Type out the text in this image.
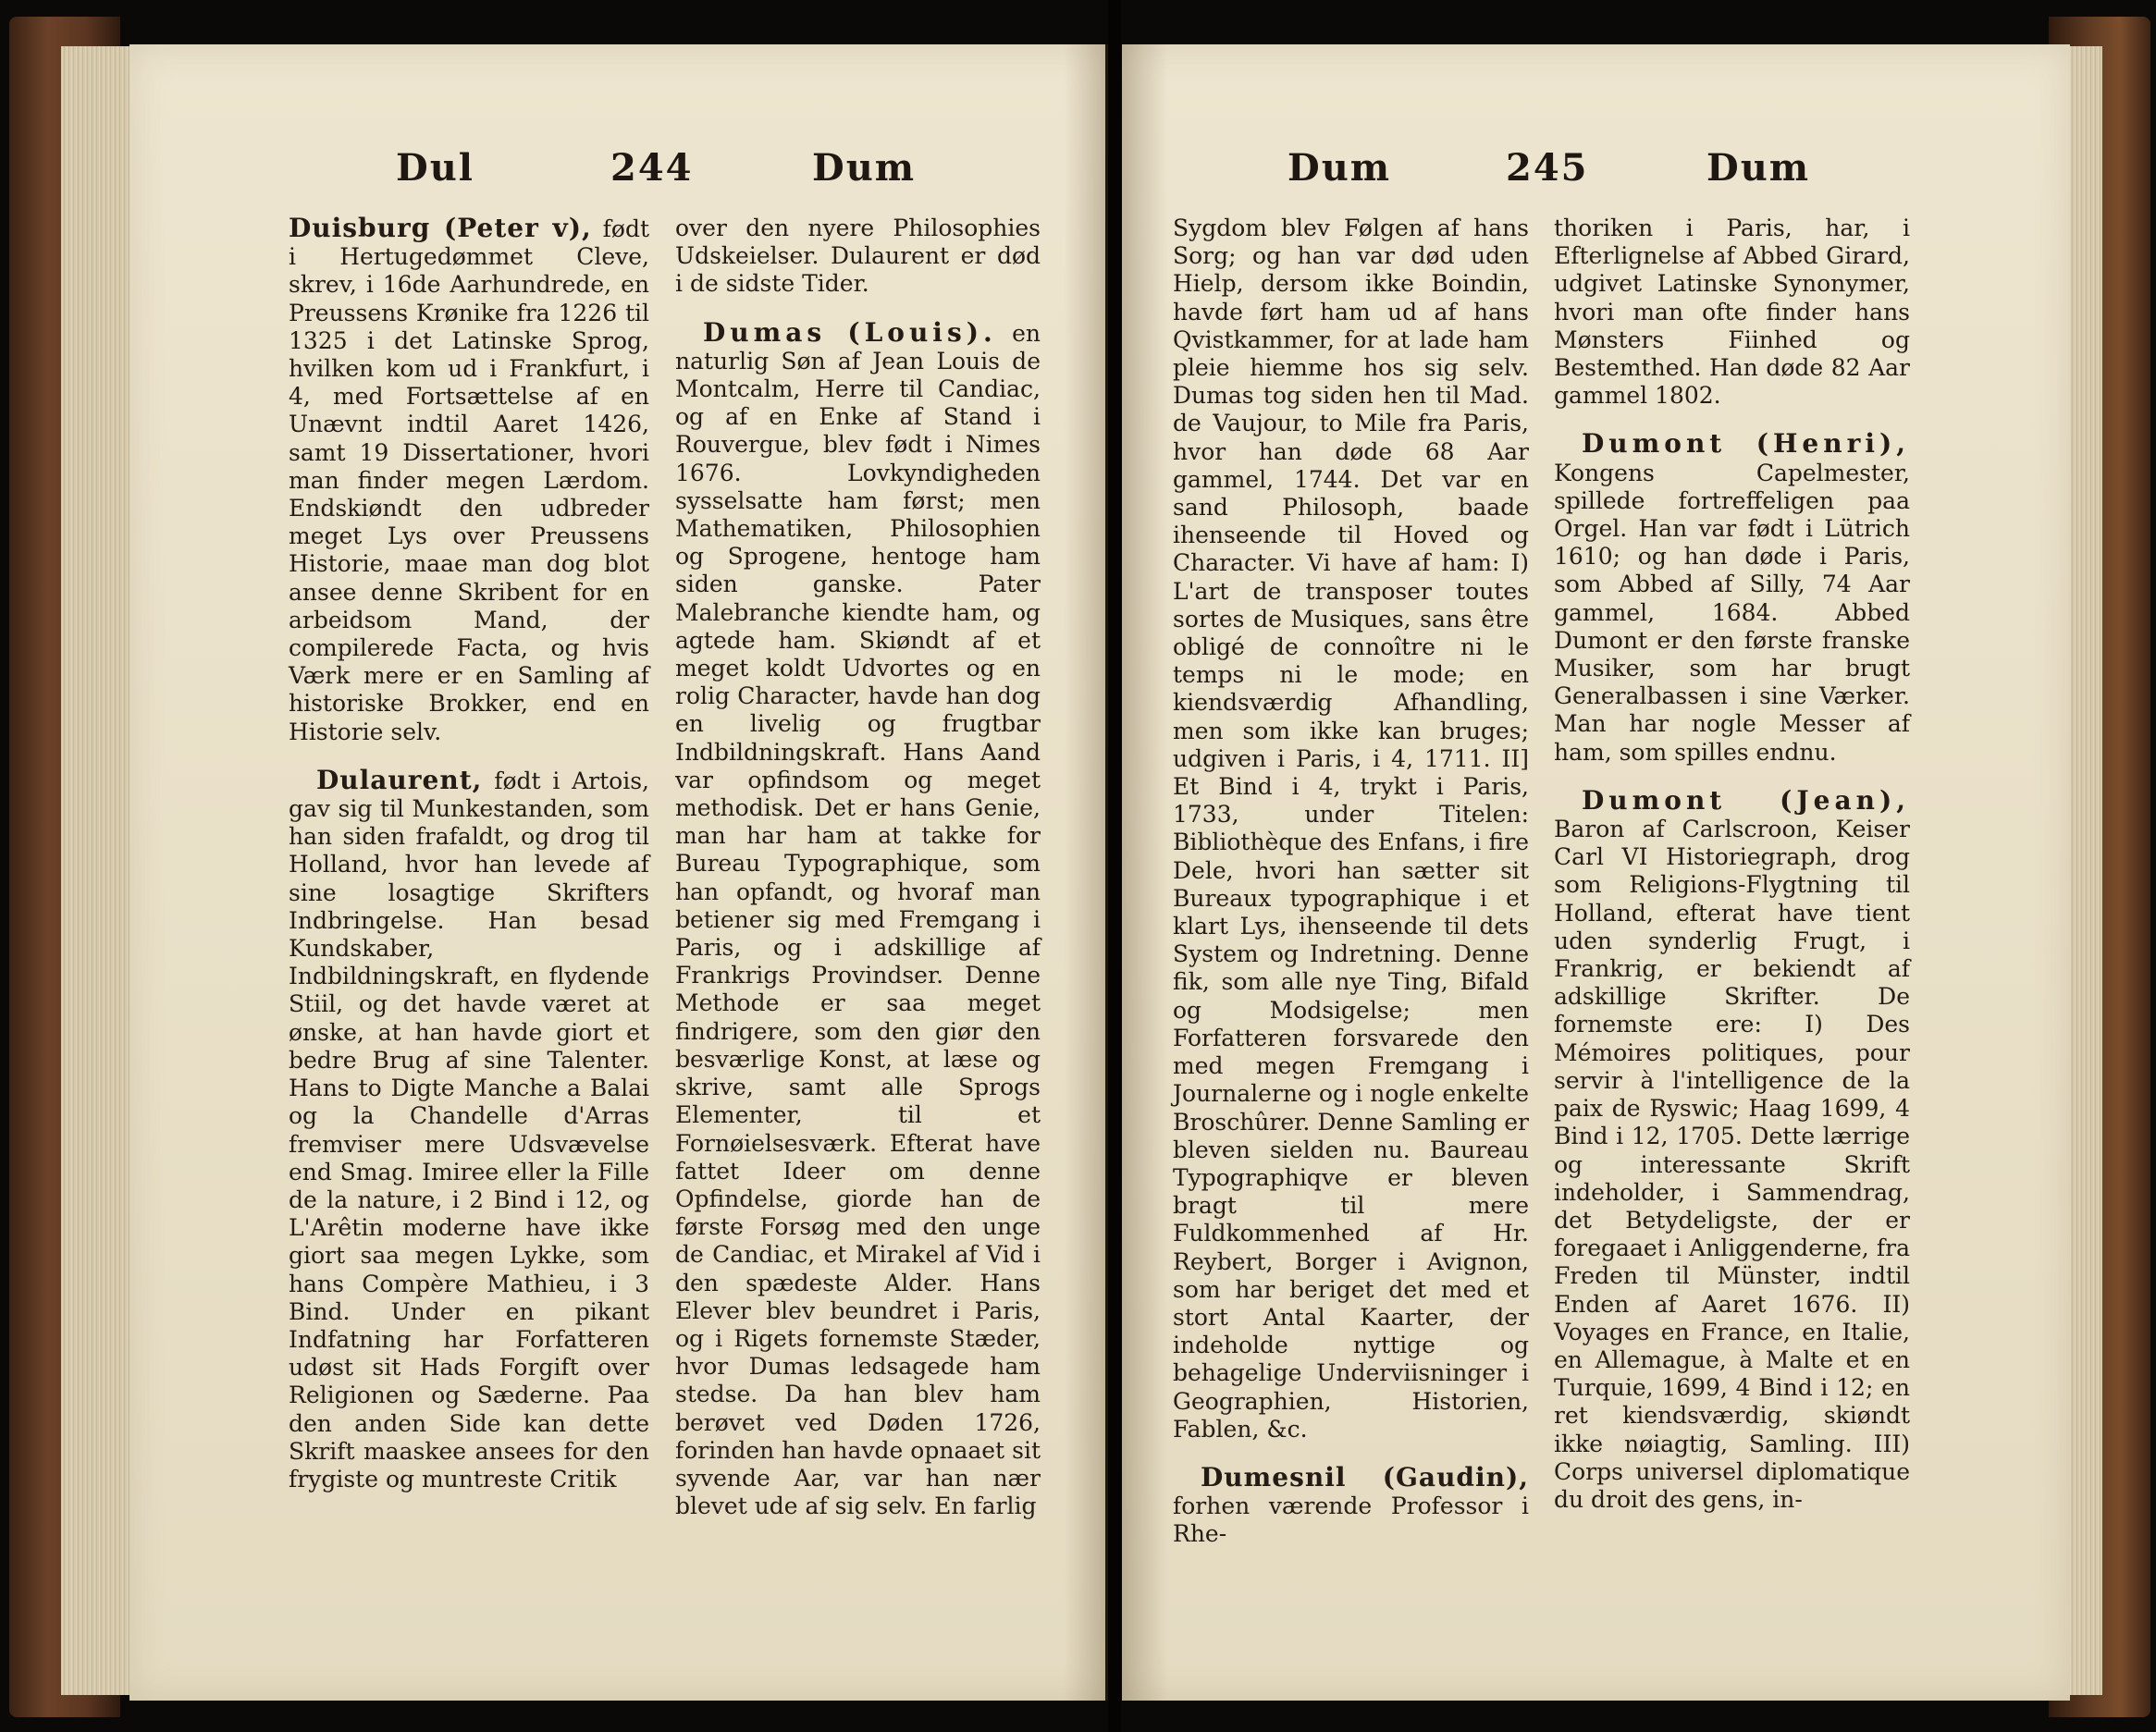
Dul	244	Dum	Dum	245	Dum

Duisburg (Peter v), født i Hertugedømmet Cleve, skrev, i 16de Aarhundrede, en Preussens Krønike fra 1226 til 1325 i det Latinske Sprog, hvilken kom ud i Frankfurt, i 4, med Fortsættelse af en Unævnt indtil Aaret 1426, samt 19 Dissertationer, hvori man finder megen Lærdom. Endskiøndt den udbreder meget Lys over Preussens Historie, maae man dog blot ansee denne Skribent for en arbeidsom Mand, der compilerede Facta, og hvis Værk mere er en Samling af historiske Brokker, end en Historie selv.

Dulaurent, født i Artois, gav sig til Munkestanden, som han siden frafaldt, og drog til Holland, hvor han levede af sine losagtige Skrifters Indbringelse. Han besad Kundskaber, Indbildningskraft, en flydende Stiil, og det havde været at ønske, at han havde giort et bedre Brug af sine Talenter. Hans to Digte Manche a Balai og la Chandelle d'Arras fremviser mere Udsvævelse end Smag. Imiree eller la Fille de la nature, i 2 Bind i 12, og L'Arêtin moderne have ikke giort saa megen Lykke, som hans Compère Mathieu, i 3 Bind. Under en pikant Indfatning har Forfatteren udøst sit Hads Forgift over Religionen og Sæderne. Paa den anden Side kan dette Skrift maaskee ansees for den frygiste og muntreste Critik

over den nyere Philosophies Udskeielser. Dulaurent er død i de sidste Tider.

Dumas (Louis). en naturlig Søn af Jean Louis de Montcalm, Herre til Candiac, og af en Enke af Stand i Rouvergue, blev født i Nimes 1676. Lovkyndigheden sysselsatte ham først; men Mathematiken, Philosophien og Sprogene, hentoge ham siden ganske. Pater Malebranche kiendte ham, og agtede ham. Skiøndt af et meget koldt Udvortes og en rolig Character, havde han dog en livelig og frugtbar Indbildningskraft. Hans Aand var opfindsom og meget methodisk. Det er hans Genie, man har ham at takke for Bureau Typographique, som han opfandt, og hvoraf man betiener sig med Fremgang i Paris, og i adskillige af Frankrigs Provindser. Denne Methode er saa meget findrigere, som den giør den besværlige Konst, at læse og skrive, samt alle Sprogs Elementer, til et Fornøielsesværk. Efterat have fattet Ideer om denne Opfindelse, giorde han de første Forsøg med den unge de Candiac, et Mirakel af Vid i den spædeste Alder. Hans Elever blev beundret i Paris, og i Rigets fornemste Stæder, hvor Dumas ledsagede ham stedse. Da han blev ham berøvet ved Døden 1726, forinden han havde opnaaet sit syvende Aar, var han nær blevet ude af sig selv. En farlig

Sygdom blev Følgen af hans Sorg; og han var død uden Hielp, dersom ikke Boindin, havde ført ham ud af hans Qvistkammer, for at lade ham pleie hiemme hos sig selv. Dumas tog siden hen til Mad. de Vaujour, to Mile fra Paris, hvor han døde 68 Aar gammel, 1744. Det var en sand Philosoph, baade ihenseende til Hoved og Character. Vi have af ham: I) L'art de transposer toutes sortes de Musiques, sans être obligé de connoître ni le temps ni le mode; en kiendsværdig Afhandling, men som ikke kan bruges; udgiven i Paris, i 4, 1711. II] Et Bind i 4, trykt i Paris, 1733, under Titelen: Bibliothèque des Enfans, i fire Dele, hvori han sætter sit Bureaux typographique i et klart Lys, ihenseende til dets System og Indretning. Denne fik, som alle nye Ting, Bifald og Modsigelse; men Forfatteren forsvarede den med megen Fremgang i Journalerne og i nogle enkelte Broschûrer. Denne Samling er bleven sielden nu. Baureau Typographiqve er bleven bragt til mere Fuldkommenhed af Hr. Reybert, Borger i Avignon, som har beriget det med et stort Antal Kaarter, der indeholde nyttige og behagelige Underviisninger i Geographien, Historien, Fablen, &c.

Dumesnil (Gaudin), forhen værende Professor i Rhe-

thoriken i Paris, har, i Efterlignelse af Abbed Girard, udgivet Latinske Synonymer, hvori man ofte finder hans Mønsters Fiinhed og Bestemthed. Han døde 82 Aar gammel 1802.

Dumont (Henri), Kongens Capelmester, spillede fortreffeligen paa Orgel. Han var født i Lütrich 1610; og han døde i Paris, som Abbed af Silly, 74 Aar gammel, 1684. Abbed Dumont er den første franske Musiker, som har brugt Generalbassen i sine Værker. Man har nogle Messer af ham, som spilles endnu.

Dumont (Jean), Baron af Carlscroon, Keiser Carl VI Historiegraph, drog som Religions-Flygtning til Holland, efterat have tient uden synderlig Frugt, i Frankrig, er bekiendt af adskillige Skrifter. De fornemste ere: I) Des Mémoires politiques, pour servir à l'intelligence de la paix de Ryswic; Haag 1699, 4 Bind i 12, 1705. Dette lærrige og interessante Skrift indeholder, i Sammendrag, det Betydeligste, der er foregaaet i Anliggenderne, fra Freden til Münster, indtil Enden af Aaret 1676. II) Voyages en France, en Italie, en Allemague, à Malte et en Turquie, 1699, 4 Bind i 12; en ret kiendsværdig, skiøndt ikke nøiagtig, Samling. III) Corps universel diplomatique du droit des gens, in-
